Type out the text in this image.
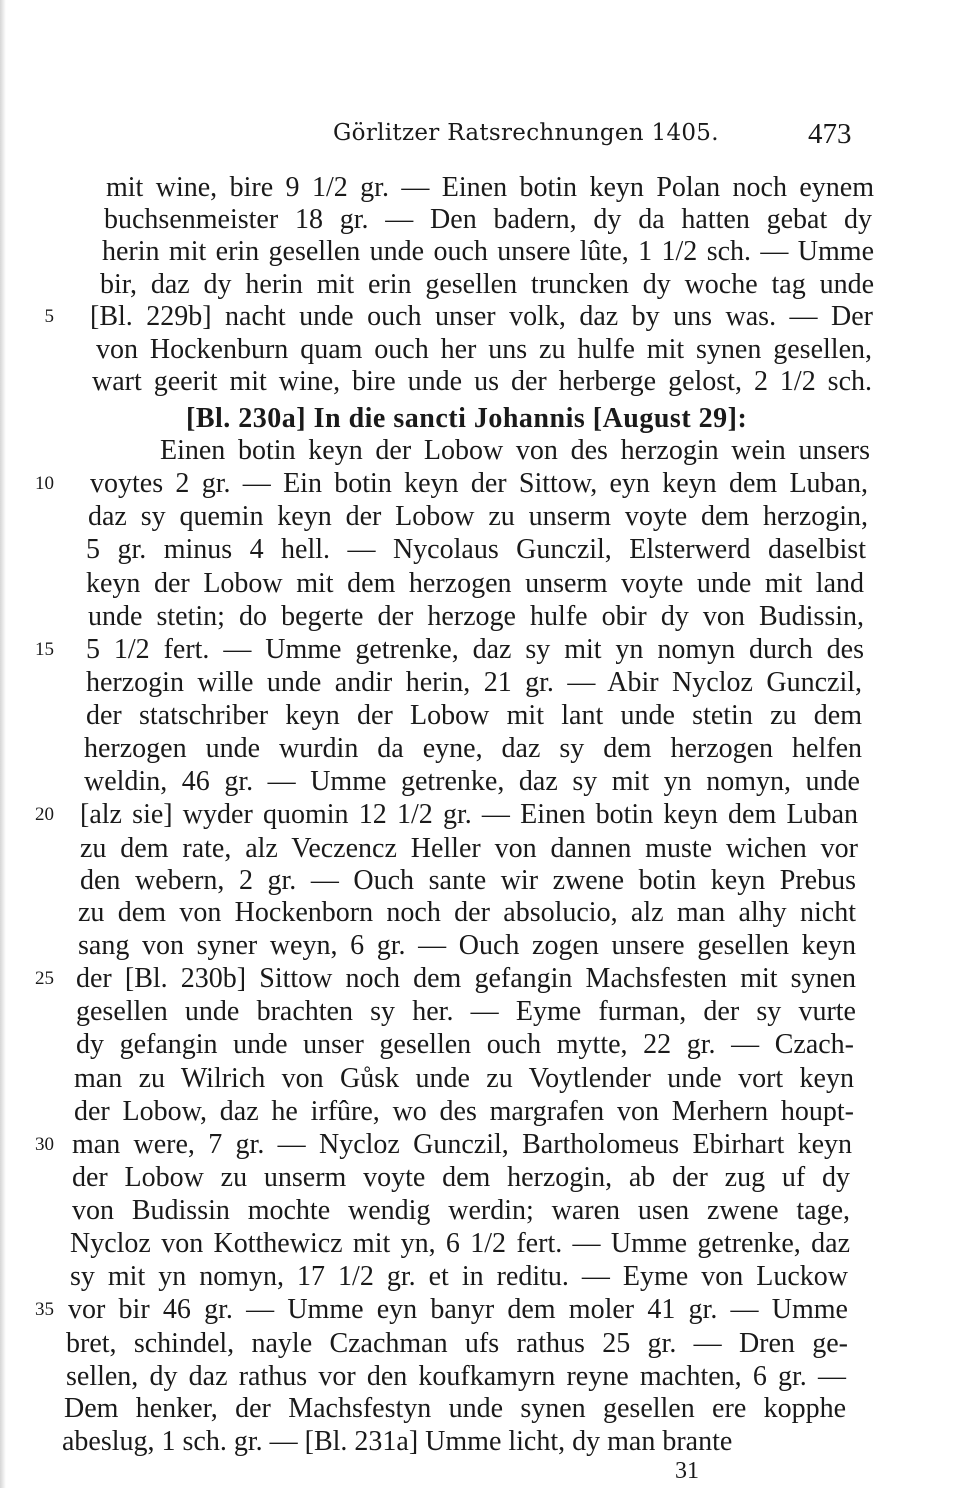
Görlitzer Ratsrechnungen 1405.	473
mit wine, bire 9 1/2 gr. — Einen botin keyn Polan noch eynem
buchsenmeister 18 gr. — Den badern, dy da hatten gebat dy
herin mit erin gesellen unde ouch unsere lûte, 1 1/2 sch. — Umme
bir, daz dy herin mit erin gesellen truncken dy woche tag unde
[Bl. 229b] nacht unde ouch unser volk, daz by uns was. — Der
von Hockenburn quam ouch her uns zu hulfe mit synen gesellen,
wart geerit mit wine, bire unde us der herberge gelost, 2 1/2 sch.
[Bl. 230a] In die sancti Johannis [August 29]:
Einen botin keyn der Lobow von des herzogin wein unsers
voytes 2 gr. — Ein botin keyn der Sittow, eyn keyn dem Luban,
daz sy quemin keyn der Lobow zu unserm voyte dem herzogin,
5 gr. minus 4 hell. — Nycolaus Gunczil, Elsterwerd daselbist
keyn der Lobow mit dem herzogen unserm voyte unde mit land
unde stetin; do begerte der herzoge hulfe obir dy von Budissin,
5 1/2 fert. — Umme getrenke, daz sy mit yn nomyn durch des
herzogin wille unde andir herin, 21 gr. — Abir Nycloz Gunczil,
der statschriber keyn der Lobow mit lant unde stetin zu dem
herzogen unde wurdin da eyne, daz sy dem herzogen helfen
weldin, 46 gr. — Umme getrenke, daz sy mit yn nomyn, unde
[alz sie] wyder quomin 12 1/2 gr. — Einen botin keyn dem Luban
zu dem rate, alz Veczencz Heller von dannen muste wichen vor
den webern, 2 gr. — Ouch sante wir zwene botin keyn Prebus
zu dem von Hockenborn noch der absolucio, alz man alhy nicht
sang von syner weyn, 6 gr. — Ouch zogen unsere gesellen keyn
der [Bl. 230b] Sittow noch dem gefangin Machsfesten mit synen
gesellen unde brachten sy her. — Eyme furman, der sy vurte
dy gefangin unde unser gesellen ouch mytte, 22 gr. — Czach-
man zu Wilrich von Gůsk unde zu Voytlender unde vort keyn
der Lobow, daz he irfûre, wo des margrafen von Merhern houpt-
man were, 7 gr. — Nycloz Gunczil, Bartholomeus Ebirhart keyn
der Lobow zu unserm voyte dem herzogin, ab der zug uf dy
von Budissin mochte wendig werdin; waren usen zwene tage,
Nycloz von Kotthewicz mit yn, 6 1/2 fert. — Umme getrenke, daz
sy mit yn nomyn, 17 1/2 gr. et in reditu. — Eyme von Luckow
vor bir 46 gr. — Umme eyn banyr dem moler 41 gr. — Umme
bret, schindel, nayle Czachman ufs rathus 25 gr. — Dren ge-
sellen, dy daz rathus vor den koufkamyrn reyne machten, 6 gr. —
Dem henker, der Machsfestyn unde synen gesellen ere kopphe
abeslug, 1 sch. gr. — [Bl. 231a] Umme licht, dy man brante
5
10
15
20
25
30
35
31
